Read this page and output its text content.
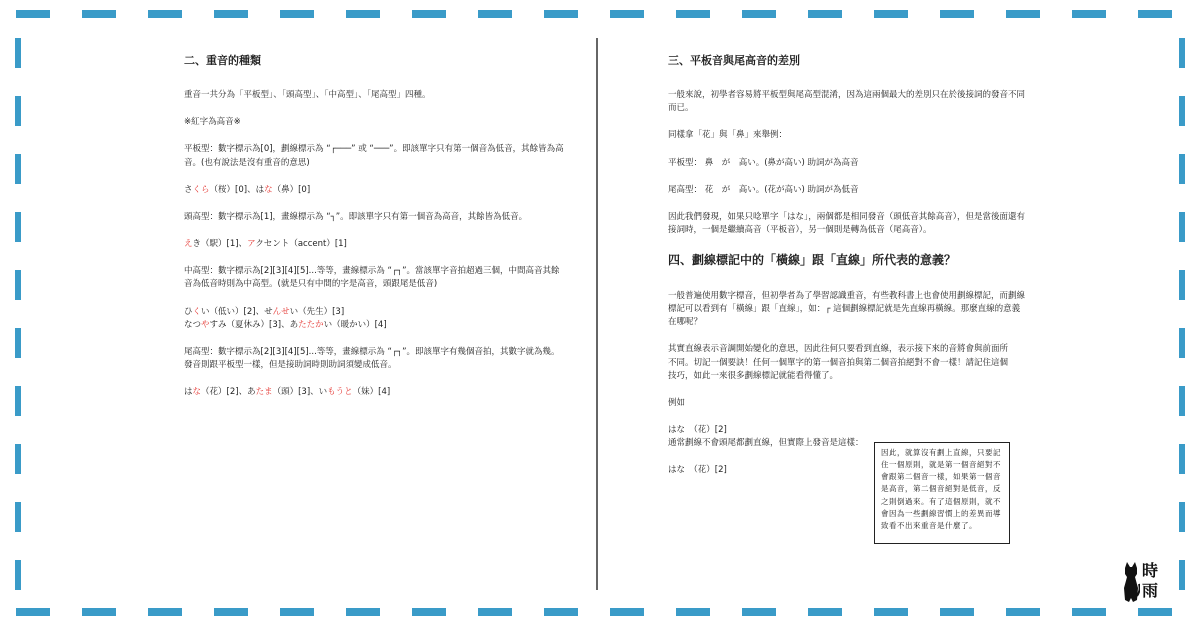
二、重音的種類

重音一共分為「平板型」、「頭高型」、「中高型」、「尾高型」四種。

※紅字為高音※

平板型：數字標示為[0]，劃線標示為 “┌───” 或 “───”。即該單字只有第一個音為低音，其餘皆為高音。(也有說法是沒有重音的意思)

さくら（桜）[0]、はな（鼻）[0]

頭高型：數字標示為[1]，畫線標示為 “┐”。即該單字只有第一個音為高音，其餘皆為低音。

えき（駅）[1]、アクセント（accent）[1]

中高型：數字標示為[2][3][4][5]...等等，畫線標示為 “┌┐”。當該單字音拍超過三個，中間高音其餘音為低音時則為中高型。(就是只有中間的字是高音，頭跟尾是低音)

ひくい（低い）[2]、せんせい（先生）[3]

なつやすみ（夏休み）[3]、あたたかい（暖かい）[4]

尾高型：數字標示為[2][3][4][5]...等等，畫線標示為 “┌┐”。即該單字有幾個音拍，其數字就為幾。發音則跟平板型一樣，但是接助詞時則助詞須變成低音。

はな（花）[2]、あたま（頭）[3]、いもうと（妹）[4]

三、平板音與尾高音的差別

一般來說，初學者容易將平板型與尾高型混淆，因為這兩個最大的差別只在於後接詞的發音不同而已。

同樣拿「花」與「鼻」來舉例：

平板型： 鼻　が　高い。(鼻が高い) 助詞が為高音

尾高型： 花　が　高い。(花が高い) 助詞が為低音

因此我們發現，如果只唸單字「はな」，兩個都是相同發音（頭低音其餘高音），但是當後面還有接詞時，一個是繼續高音（平板音），另一個則是轉為低音（尾高音）。

四、劃線標記中的「橫線」跟「直線」所代表的意義？

一般普遍使用數字標音，但初學者為了學習認識重音，有些教科書上也會使用劃線標記，而劃線標記可以看到有「橫線」跟「直線」，如：┌ 這個劃線標記就是先直線再橫線。那麼直線的意義在哪呢？

其實直線表示音調開始變化的意思，因此往何只要看到直線，表示接下來的音將會與前面所不同。切記一個要訣！任何一個單字的第一個音拍與第二個音拍絕對不會一樣！請記住這個技巧，如此一來很多劃線標記就能看得懂了。

例如

はな　（花）[2]

通常劃線不會頭尾都劃直線，但實際上發音是這樣：

はな　（花）[2]
因此，就算沒有劃上直線，只要記住一個原則，就是第一個音絕對不會跟第二個音一樣，如果第一個音是高音，第二個音絕對是低音，反之則倒過來。有了這個原則，就不會因為一些劃線習慣上的差異而導致看不出來重音是什麼了。
時
雨
